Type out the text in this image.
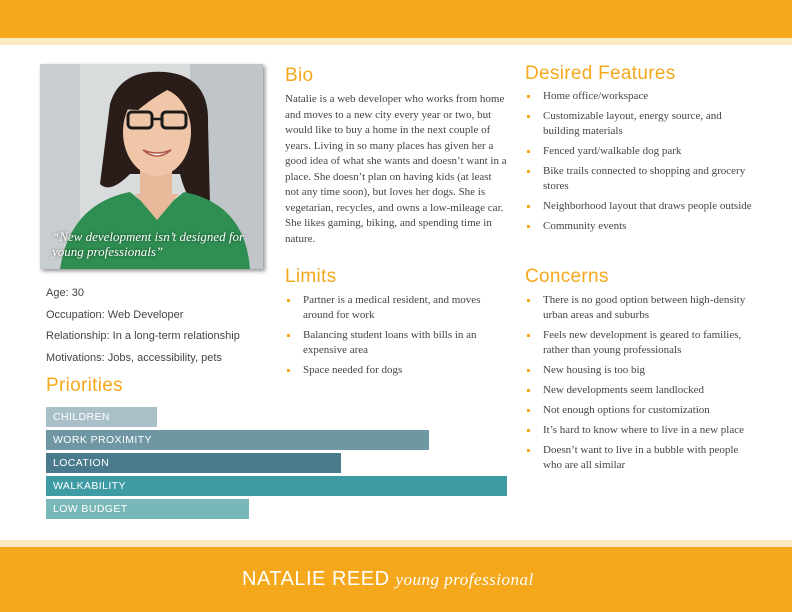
“New development isn’t designed for young professionals”
Age: 30
Occupation: Web Developer
Relationship: In a long-term relationship
Motivations: Jobs, accessibility, pets
Priorities
CHILDREN
WORK PROXIMITY
LOCATION
WALKABILITY
LOW BUDGET
Bio
Natalie is a web developer who works from home and moves to a new city every year or two, but would like to buy a home in the next couple of years. Living in so many places has given her a good idea of what she wants and doesn’t want in a place. She doesn’t plan on having kids (at least not any time soon), but loves her dogs. She is vegetarian, recycles, and owns a low-mileage car. She likes gaming, biking, and spending time in nature.
Limits
Partner is a medical resident, and moves around for work
Balancing student loans with bills in an expensive area
Space needed for dogs
Desired Features
Home office/workspace
Customizable layout, energy source, and building materials
Fenced yard/walkable dog park
Bike trails connected to shopping and grocery stores
Neighborhood layout that draws people outside
Community events
Concerns
There is no good option between high-density urban areas and suburbs
Feels new development is geared to families, rather than young professionals
New housing is too big
New developments seem landlocked
Not enough options for customization
It’s hard to know where to live in a new place
Doesn’t want to live in a bubble with people who are all similar
NATALIE REED young professional
